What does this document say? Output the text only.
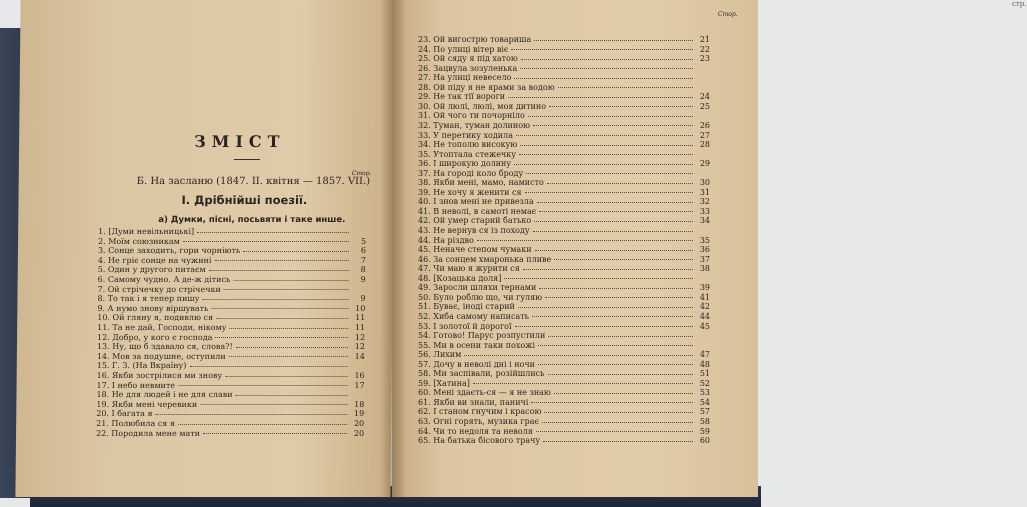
ЗМІСТ
Стор.
Б. На засланю (1847. II. квітня — 1857. VII.)
І. Дрібнійші поезії.
а) Думки, пісні, посьвяти і таке инше.
1. [Думи невільницькі]
2. Моїм союзникам	5
3. Сонце заходить, гори чорніють	6
4. Не гріє сонце на чужині	7
5. Один у другого питаєм	8
6. Самому чудно. А де-ж дітись	9
7. Ой стрічечку до стрічечки
8. То так і я тепер пишу	9
9. А нумо знову віршувать	10
10. Ой гляну я, подивлю ся	11
11. Та не дай, Господи, нікому	11
12. Добро, у кого є господа	12
13. Ну, що б здавало ся, слова?!	12
14. Мов за подушне, оступили	14
15. Г. З. (На Вкраїну)
16. Якби зострілися ми знову	16
17. І небо невмите	17
18. Не для людей і не для слави
19. Якби мені черевики	18
20. І багата я	19
21. Полюбила ся я	20
22. Породила мене мати	20
стр.
Стор.
23. Ой вигострю товариша	21
24. По улиці вітер віє	22
25. Ой сяду я під хатою	23
26. Зацвула зозуленька
27. На улиці невесело
28. Ой піду я не ярами за водою
29. Не так тії вороги	24
30. Ой люлі, люлі, моя дитино	25
31. Ой чого ти почорніло
32. Туман, туман долиною	26
33. У перетику ходила	27
34. Не тополю високую	28
35. Утоптала стежечку
36. І широкую долину	29
37. На городі коло броду
38. Якби мені, мамо, намисто	30
39. Не хочу я женити ся	31
40. І знов мені не привезла	32
41. В неволі, в самоті немає	33
42. Ой умер старий батько	34
43. Не вернув ся із походу
44. На різдво	35
45. Неначе степом чумаки	36
46. За сонцем хмаронька пливе	37
47. Чи маю я журити ся	38
48. [Козацька доля]
49. Заросли шляхи тернами	39
50. Було роблю що, чи гуляю	41
51. Буває, іноді старий	42
52. Хиба самому написать	44
53. І золотої й дорогої	45
54. Готово! Парус розпустили
55. Ми в осени таки похожі
56. Лихим	47
57. Дочу в неволі дні і ночи	48
58. Ми заспівали, розійшлись	51
59. [Хатина]	52
60. Мені здаєть-ся — я не знаю	53
61. Якби ви знали, паничі	54
62. І станом гнучим і красою	57
63. Огні горять, музика грає	58
64. Чи то недоля та неволя	59
65. На батька бісового трачу	60
